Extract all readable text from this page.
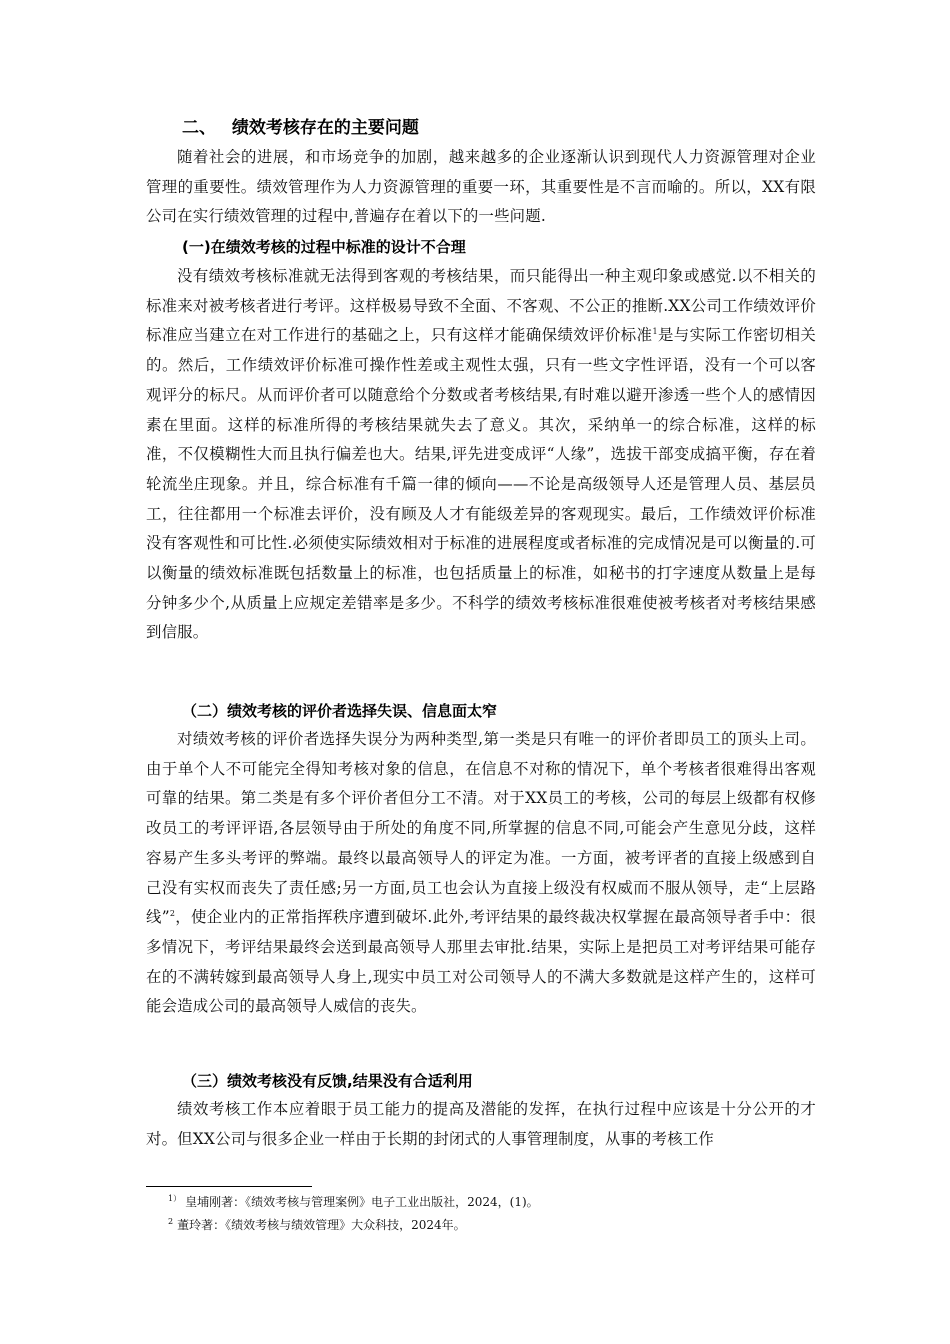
二、 绩效考核存在的主要问题

随着社会的进展，和市场竞争的加剧，越来越多的企业逐渐认识到现代人力资源管理对企业管理的重要性。绩效管理作为人力资源管理的重要一环，其重要性是不言而喻的。所以，XX有限公司在实行绩效管理的过程中,普遍存在着以下的一些问题.

(一)在绩效考核的过程中标准的设计不合理

没有绩效考核标准就无法得到客观的考核结果，而只能得出一种主观印象或感觉.以不相关的标准来对被考核者进行考评。这样极易导致不全面、不客观、不公正的推断.XX公司工作绩效评价标准应当建立在对工作进行的基础之上，只有这样才能确保绩效评价标准$^1$是与实际工作密切相关的。然后，工作绩效评价标准可操作性差或主观性太强，只有一些文字性评语，没有一个可以客观评分的标尺。从而评价者可以随意给个分数或者考核结果,有时难以避开渗透一些个人的感情因素在里面。这样的标准所得的考核结果就失去了意义。其次，采纳单一的综合标准，这样的标准，不仅模糊性大而且执行偏差也大。结果,评先进变成评“人缘”，选拔干部变成搞平衡，存在着轮流坐庄现象。并且，综合标准有千篇一律的倾向——不论是高级领导人还是管理人员、基层员工，往往都用一个标准去评价，没有顾及人才有能级差异的客观现实。最后，工作绩效评价标准没有客观性和可比性.必须使实际绩效相对于标准的进展程度或者标准的完成情况是可以衡量的.可以衡量的绩效标准既包括数量上的标准，也包括质量上的标准，如秘书的打字速度从数量上是每分钟多少个,从质量上应规定差错率是多少。不科学的绩效考核标准很难使被考核者对考核结果感到信服。

（二）绩效考核的评价者选择失误、信息面太窄

对绩效考核的评价者选择失误分为两种类型,第一类是只有唯一的评价者即员工的顶头上司。由于单个人不可能完全得知考核对象的信息，在信息不对称的情况下，单个考核者很难得出客观可靠的结果。第二类是有多个评价者但分工不清。对于XX员工的考核，公司的每层上级都有权修改员工的考评评语,各层领导由于所处的角度不同,所掌握的信息不同,可能会产生意见分歧，这样容易产生多头考评的弊端。最终以最高领导人的评定为准。一方面，被考评者的直接上级感到自己没有实权而丧失了责任感;另一方面,员工也会认为直接上级没有权威而不服从领导，走“上层路线”$^2$，使企业内的正常指挥秩序遭到破坏.此外,考评结果的最终裁决权掌握在最高领导者手中：很多情况下，考评结果最终会送到最高领导人那里去审批.结果，实际上是把员工对考评结果可能存在的不满转嫁到最高领导人身上,现实中员工对公司领导人的不满大多数就是这样产生的，这样可能会造成公司的最高领导人威信的丧失。

（三）绩效考核没有反馈,结果没有合适利用

绩效考核工作本应着眼于员工能力的提高及潜能的发挥，在执行过程中应该是十分公开的才对。但XX公司与很多企业一样由于长期的封闭式的人事管理制度，从事的考核工作

$^{1)}$ 皇埔刚著：《绩效考核与管理案例》电子工业出版社，2024，(1)。

$^2$ 董玲著：《绩效考核与绩效管理》大众科技，2024年。
